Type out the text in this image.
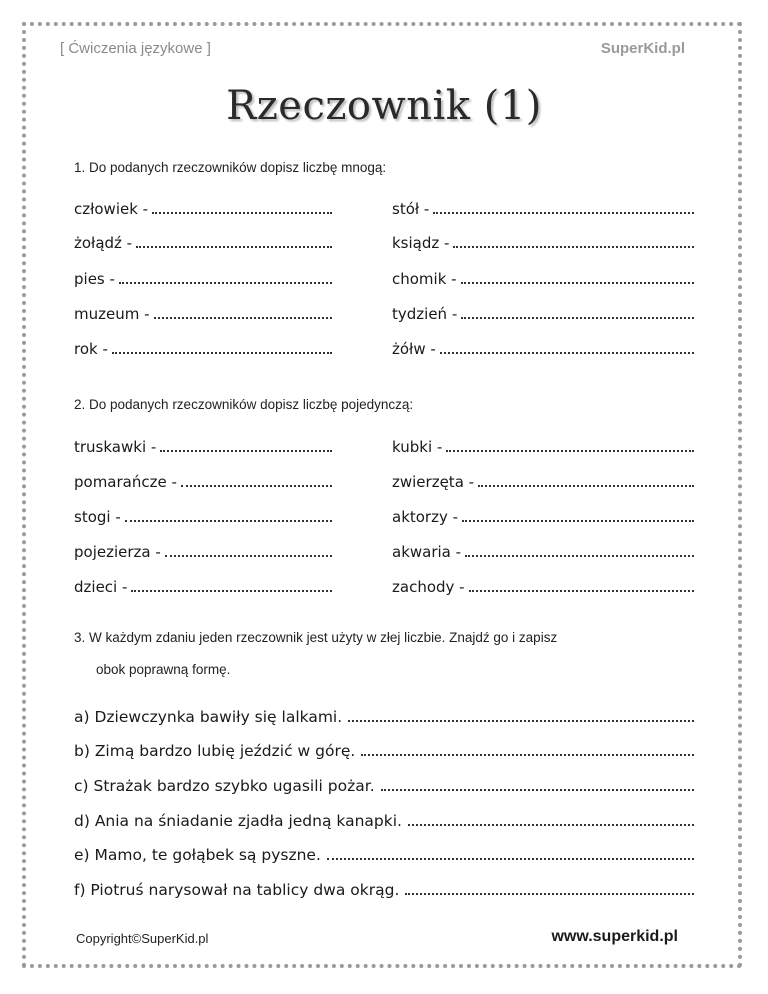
[ Ćwiczenia językowe ]	SuperKid.pl
Rzeczownik (1)
1. Do podanych rzeczowników dopisz liczbę mnogą:
człowiek -	stół -
żołądź -	ksiądz -
pies -	chomik -
muzeum -	tydzień -
rok -	żółw -
2. Do podanych rzeczowników dopisz liczbę pojedynczą:
truskawki -	kubki -
pomarańcze -	zwierzęta -
stogi -	aktorzy -
pojezierza -	akwaria -
dzieci -	zachody -
3. W każdym zdaniu jeden rzeczownik jest użyty w złej liczbie. Znajdź go i zapisz
obok poprawną formę.
a) Dziewczynka bawiły się lalkami.
b) Zimą bardzo lubię jeździć w górę.
c) Strażak bardzo szybko ugasili pożar.
d) Ania na śniadanie zjadła jedną kanapki.
e) Mamo, te gołąbek są pyszne.
f) Piotruś narysował na tablicy dwa okrąg.
Copyright©SuperKid.pl	www.superkid.pl
